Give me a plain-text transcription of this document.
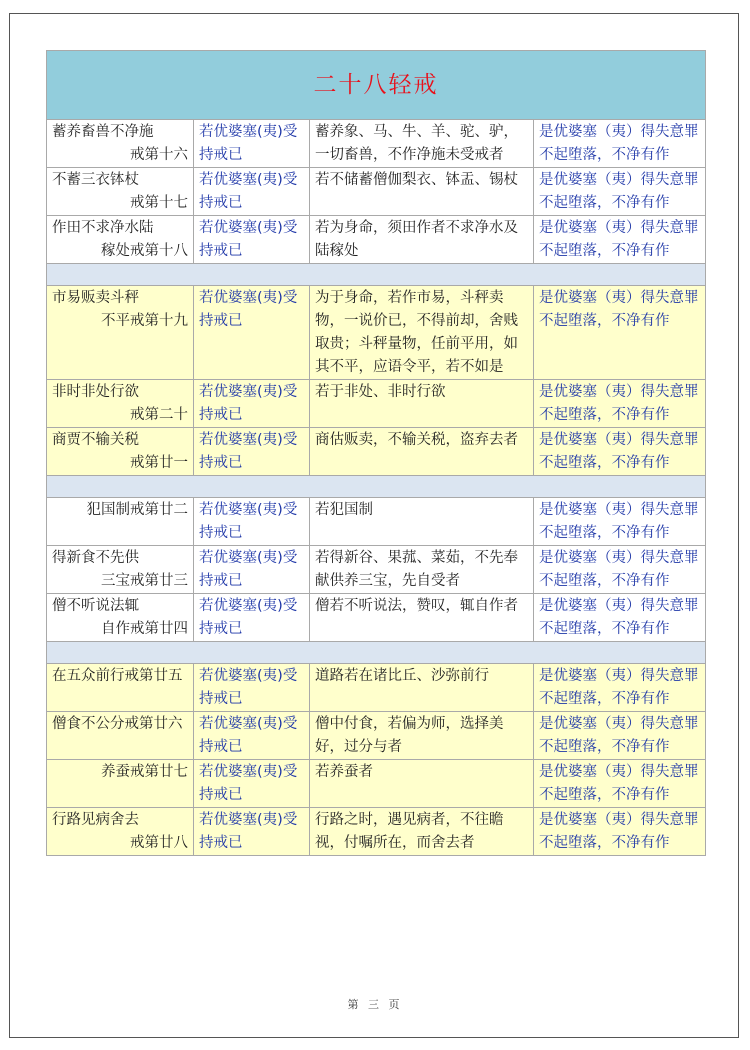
二十八轻戒			

蓄养畜兽不净施
戒第十六	若优婆塞(夷)受持戒已	蓄养象、马、牛、羊、驼、驴，一切畜兽，不作净施未受戒者	是优婆塞（夷）得失意罪不起堕落，不净有作

不蓄三衣钵杖
戒第十七	若优婆塞(夷)受持戒已	若不储蓄僧伽梨衣、钵盂、锡杖	是优婆塞（夷）得失意罪不起堕落，不净有作

作田不求净水陆
稼处戒第十八	若优婆塞(夷)受持戒已	若为身命，须田作者不求净水及陆稼处	是优婆塞（夷）得失意罪不起堕落，不净有作

市易贩卖斗秤
不平戒第十九	若优婆塞(夷)受持戒已	为于身命，若作市易，斗秤卖物，一说价已，不得前却，舍贱取贵；斗秤量物，任前平用，如其不平，应语令平，若不如是	是优婆塞（夷）得失意罪不起堕落，不净有作

非时非处行欲
戒第二十	若优婆塞(夷)受持戒已	若于非处、非时行欲	是优婆塞（夷）得失意罪不起堕落，不净有作

商贾不输关税
戒第廿一	若优婆塞(夷)受持戒已	商估贩卖，不输关税，盗弃去者	是优婆塞（夷）得失意罪不起堕落，不净有作

犯国制戒第廿二	若优婆塞(夷)受持戒已	若犯国制	是优婆塞（夷）得失意罪不起堕落，不净有作

得新食不先供
三宝戒第廿三	若优婆塞(夷)受持戒已	若得新谷、果菰、菜茹，不先奉献供养三宝，先自受者	是优婆塞（夷）得失意罪不起堕落，不净有作

僧不听说法辄
自作戒第廿四	若优婆塞(夷)受持戒已	僧若不听说法，赞叹，辄自作者	是优婆塞（夷）得失意罪不起堕落，不净有作

在五众前行戒第廿五	若优婆塞(夷)受持戒已	道路若在诸比丘、沙弥前行	是优婆塞（夷）得失意罪不起堕落，不净有作

僧食不公分戒第廿六	若优婆塞(夷)受持戒已	僧中付食，若偏为师，选择美好，过分与者	是优婆塞（夷）得失意罪不起堕落，不净有作

养蚕戒第廿七	若优婆塞(夷)受持戒已	若养蚕者	是优婆塞（夷）得失意罪不起堕落，不净有作

行路见病舍去
戒第廿八	若优婆塞(夷)受持戒已	行路之时，遇见病者，不往瞻视，付嘱所在，而舍去者	是优婆塞（夷）得失意罪不起堕落，不净有作
第 三 页
